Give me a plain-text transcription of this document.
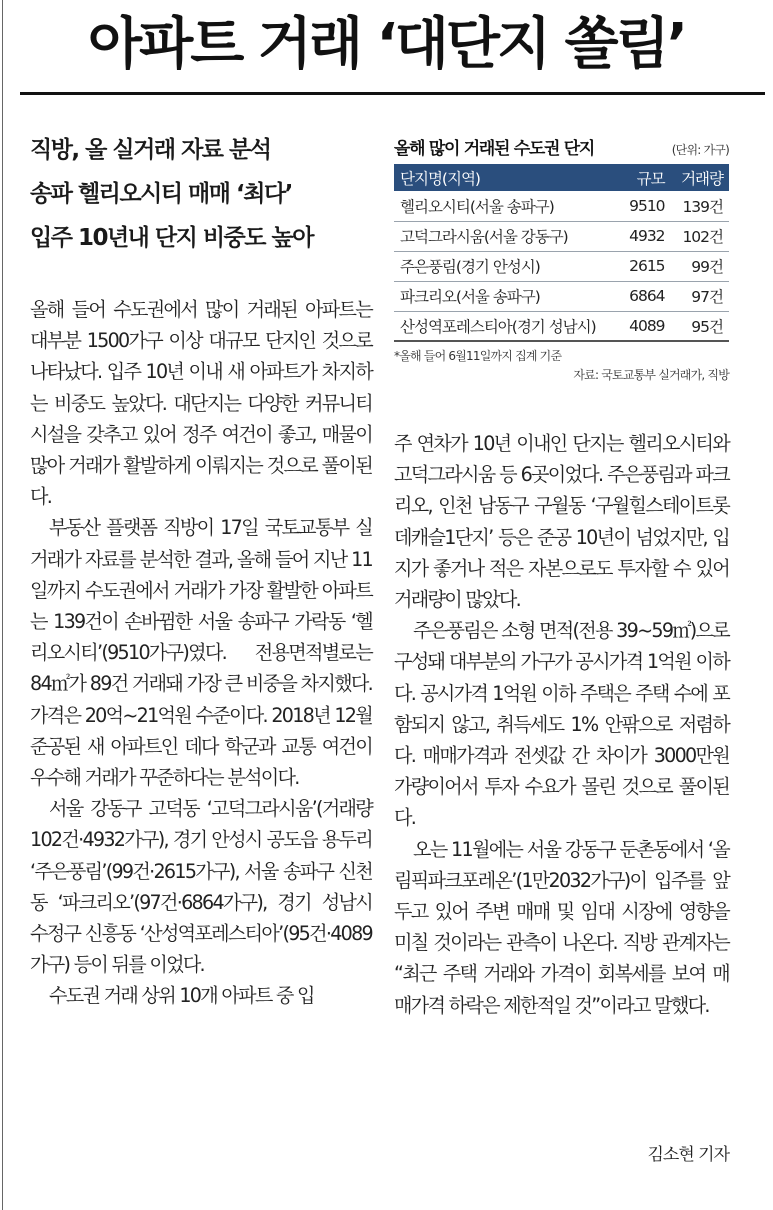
아파트 거래 ‘대단지 쏠림’
직방, 올 실거래 자료 분석
송파 헬리오시티 매매 ‘최다’
입주 10년내 단지 비중도 높아
올해 많이 거래된 수도권 단지	(단위: 가구)
단지명(지역)	규모	거래량
헬리오시티(서울 송파구)	9510	139건
고덕그라시움(서울 강동구)	4932	102건
주은풍림(경기 안성시)	2615	99건
파크리오(서울 송파구)	6864	97건
산성역포레스티아(경기 성남시)	4089	95건
*올해 들어 6월11일까지 집계 기준
자료: 국토교통부 실거래가, 직방

올해 들어 수도권에서 많이 거래된 아파트는 대부분 1500가구 이상 대규모 단지인 것으로 나타났다. 입주 10년 이내 새 아파트가 차지하는 비중도 높았다. 대단지는 다양한 커뮤니티 시설을 갖추고 있어 정주 여건이 좋고, 매물이 많아 거래가 활발하게 이뤄지는 것으로 풀이된다.

부동산 플랫폼 직방이 17일 국토교통부 실거래가 자료를 분석한 결과, 올해 들어 지난 11일까지 수도권에서 거래가 가장 활발한 아파트는 139건이 손바뀜한 서울 송파구 가락동 ‘헬리오시티’(9510가구)였다. 전용면적별로는 84㎡가 89건 거래돼 가장 큰 비중을 차지했다. 가격은 20억~21억원 수준이다. 2018년 12월 준공된 새 아파트인 데다 학군과 교통 여건이 우수해 거래가 꾸준하다는 분석이다.

서울 강동구 고덕동 ‘고덕그라시움’(거래량 102건·4932가구), 경기 안성시 공도읍 용두리 ‘주은풍림’(99건·2615가구), 서울 송파구 신천동 ‘파크리오’(97건·6864가구), 경기 성남시 수정구 신흥동 ‘산성역포레스티아’(95건·4089가구) 등이 뒤를 이었다.

수도권 거래 상위 10개 아파트 중 입

주 연차가 10년 이내인 단지는 헬리오시티와 고덕그라시움 등 6곳이었다. 주은풍림과 파크리오, 인천 남동구 구월동 ‘구월힐스테이트롯데캐슬1단지’ 등은 준공 10년이 넘었지만, 입지가 좋거나 적은 자본으로도 투자할 수 있어 거래량이 많았다.

주은풍림은 소형 면적(전용 39~59㎡)으로 구성돼 대부분의 가구가 공시가격 1억원 이하다. 공시가격 1억원 이하 주택은 주택 수에 포함되지 않고, 취득세도 1% 안팎으로 저렴하다. 매매가격과 전셋값 간 차이가 3000만원가량이어서 투자 수요가 몰린 것으로 풀이된다.

오는 11월에는 서울 강동구 둔촌동에서 ‘올림픽파크포레온’(1만2032가구)이 입주를 앞두고 있어 주변 매매 및 임대 시장에 영향을 미칠 것이라는 관측이 나온다. 직방 관계자는 “최근 주택 거래와 가격이 회복세를 보여 매매가격 하락은 제한적일 것”이라고 말했다.

김소현 기자
